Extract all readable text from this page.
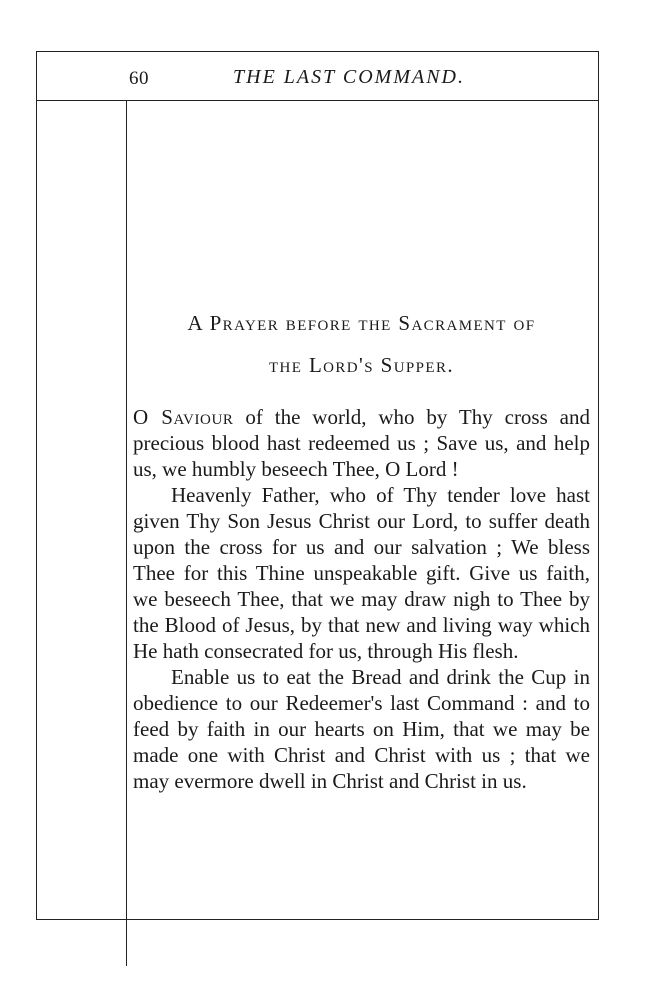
60	THE LAST COMMAND.
A Prayer before the Sacrament of
the Lord's Supper.

O Saviour of the world, who by Thy cross and precious blood hast redeemed us ; Save us, and help us, we humbly beseech Thee, O Lord !

Heavenly Father, who of Thy tender love hast given Thy Son Jesus Christ our Lord, to suffer death upon the cross for us and our salvation ; We bless Thee for this Thine unspeakable gift. Give us faith, we beseech Thee, that we may draw nigh to Thee by the Blood of Jesus, by that new and living way which He hath consecrated for us, through His flesh.

Enable us to eat the Bread and drink the Cup in obedience to our Redeemer's last Command : and to feed by faith in our hearts on Him, that we may be made one with Christ and Christ with us ; that we may evermore dwell in Christ and Christ in us.
